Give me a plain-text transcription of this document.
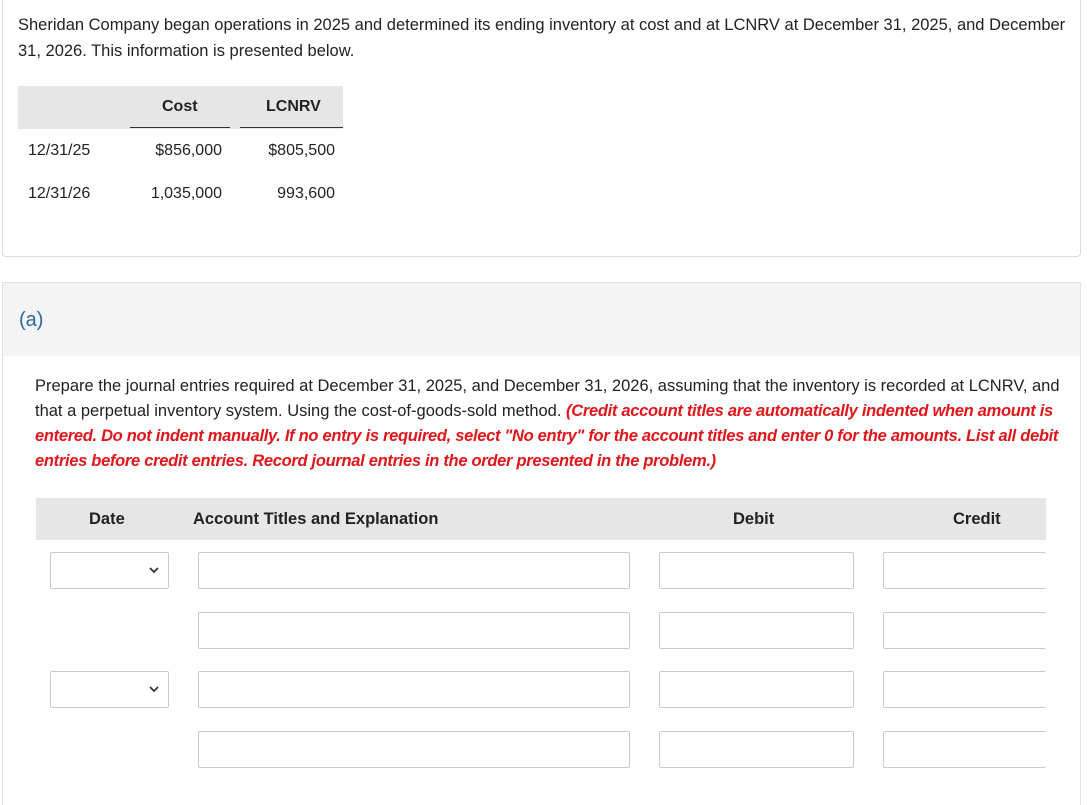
Sheridan Company began operations in 2025 and determined its ending inventory at cost and at LCNRV at December 31, 2025, and December 31, 2026. This information is presented below.
Cost	LCNRV
12/31/25	$856,000	$805,500
12/31/26	1,035,000	993,600
(a)
Prepare the journal entries required at December 31, 2025, and December 31, 2026, assuming that the inventory is recorded at LCNRV, and that a perpetual inventory system. Using the cost-of-goods-sold method. (Credit account titles are automatically indented when amount is entered. Do not indent manually. If no entry is required, select "No entry" for the account titles and enter 0 for the amounts. List all debit entries before credit entries. Record journal entries in the order presented in the problem.)
Date	Account Titles and Explanation	Debit	Credit
